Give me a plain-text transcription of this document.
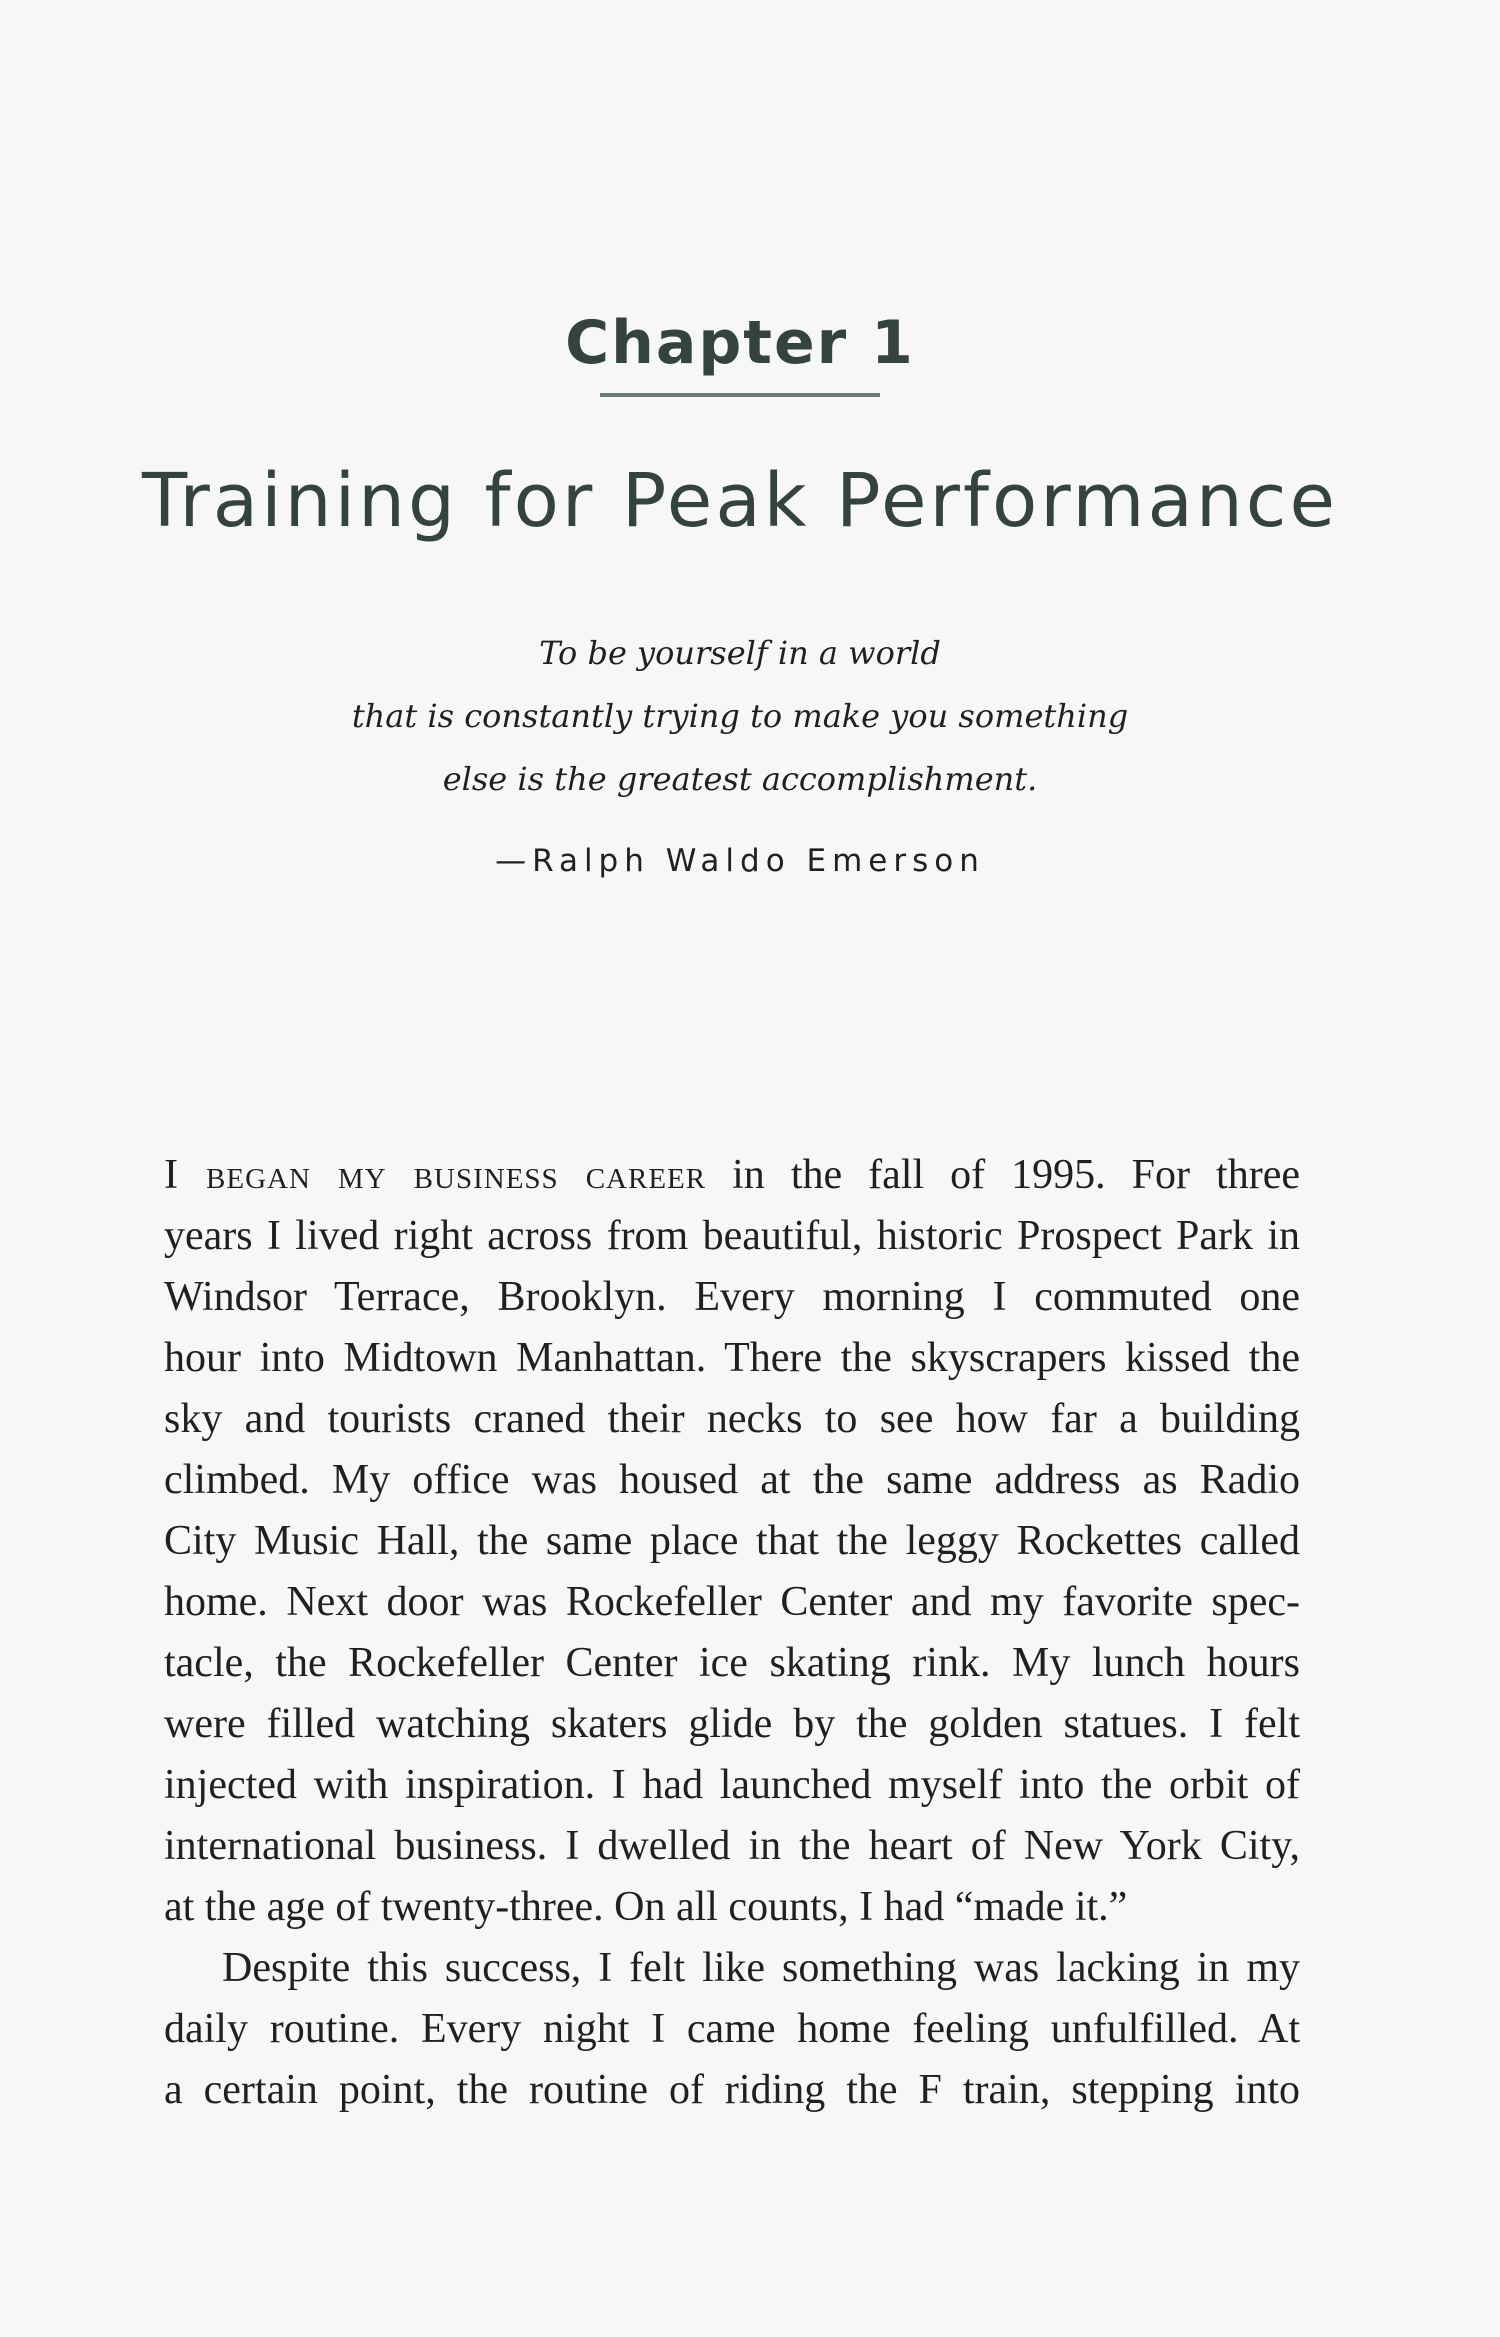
Chapter 1
Training for Peak Performance
To be yourself in a world
that is constantly trying to make you something
else is the greatest accomplishment.
—Ralph Waldo Emerson
I began my business career in the fall of 1995. For three
years I lived right across from beautiful, historic Prospect Park in
Windsor Terrace, Brooklyn. Every morning I commuted one
hour into Midtown Manhattan. There the skyscrapers kissed the
sky and tourists craned their necks to see how far a building
climbed. My office was housed at the same address as Radio
City Music Hall, the same place that the leggy Rockettes called
home. Next door was Rockefeller Center and my favorite spec-
tacle, the Rockefeller Center ice skating rink. My lunch hours
were filled watching skaters glide by the golden statues. I felt
injected with inspiration. I had launched myself into the orbit of
international business. I dwelled in the heart of New York City,
at the age of twenty-three. On all counts, I had “made it.”
Despite this success, I felt like something was lacking in my
daily routine. Every night I came home feeling unfulfilled. At
a certain point, the routine of riding the F train, stepping into
